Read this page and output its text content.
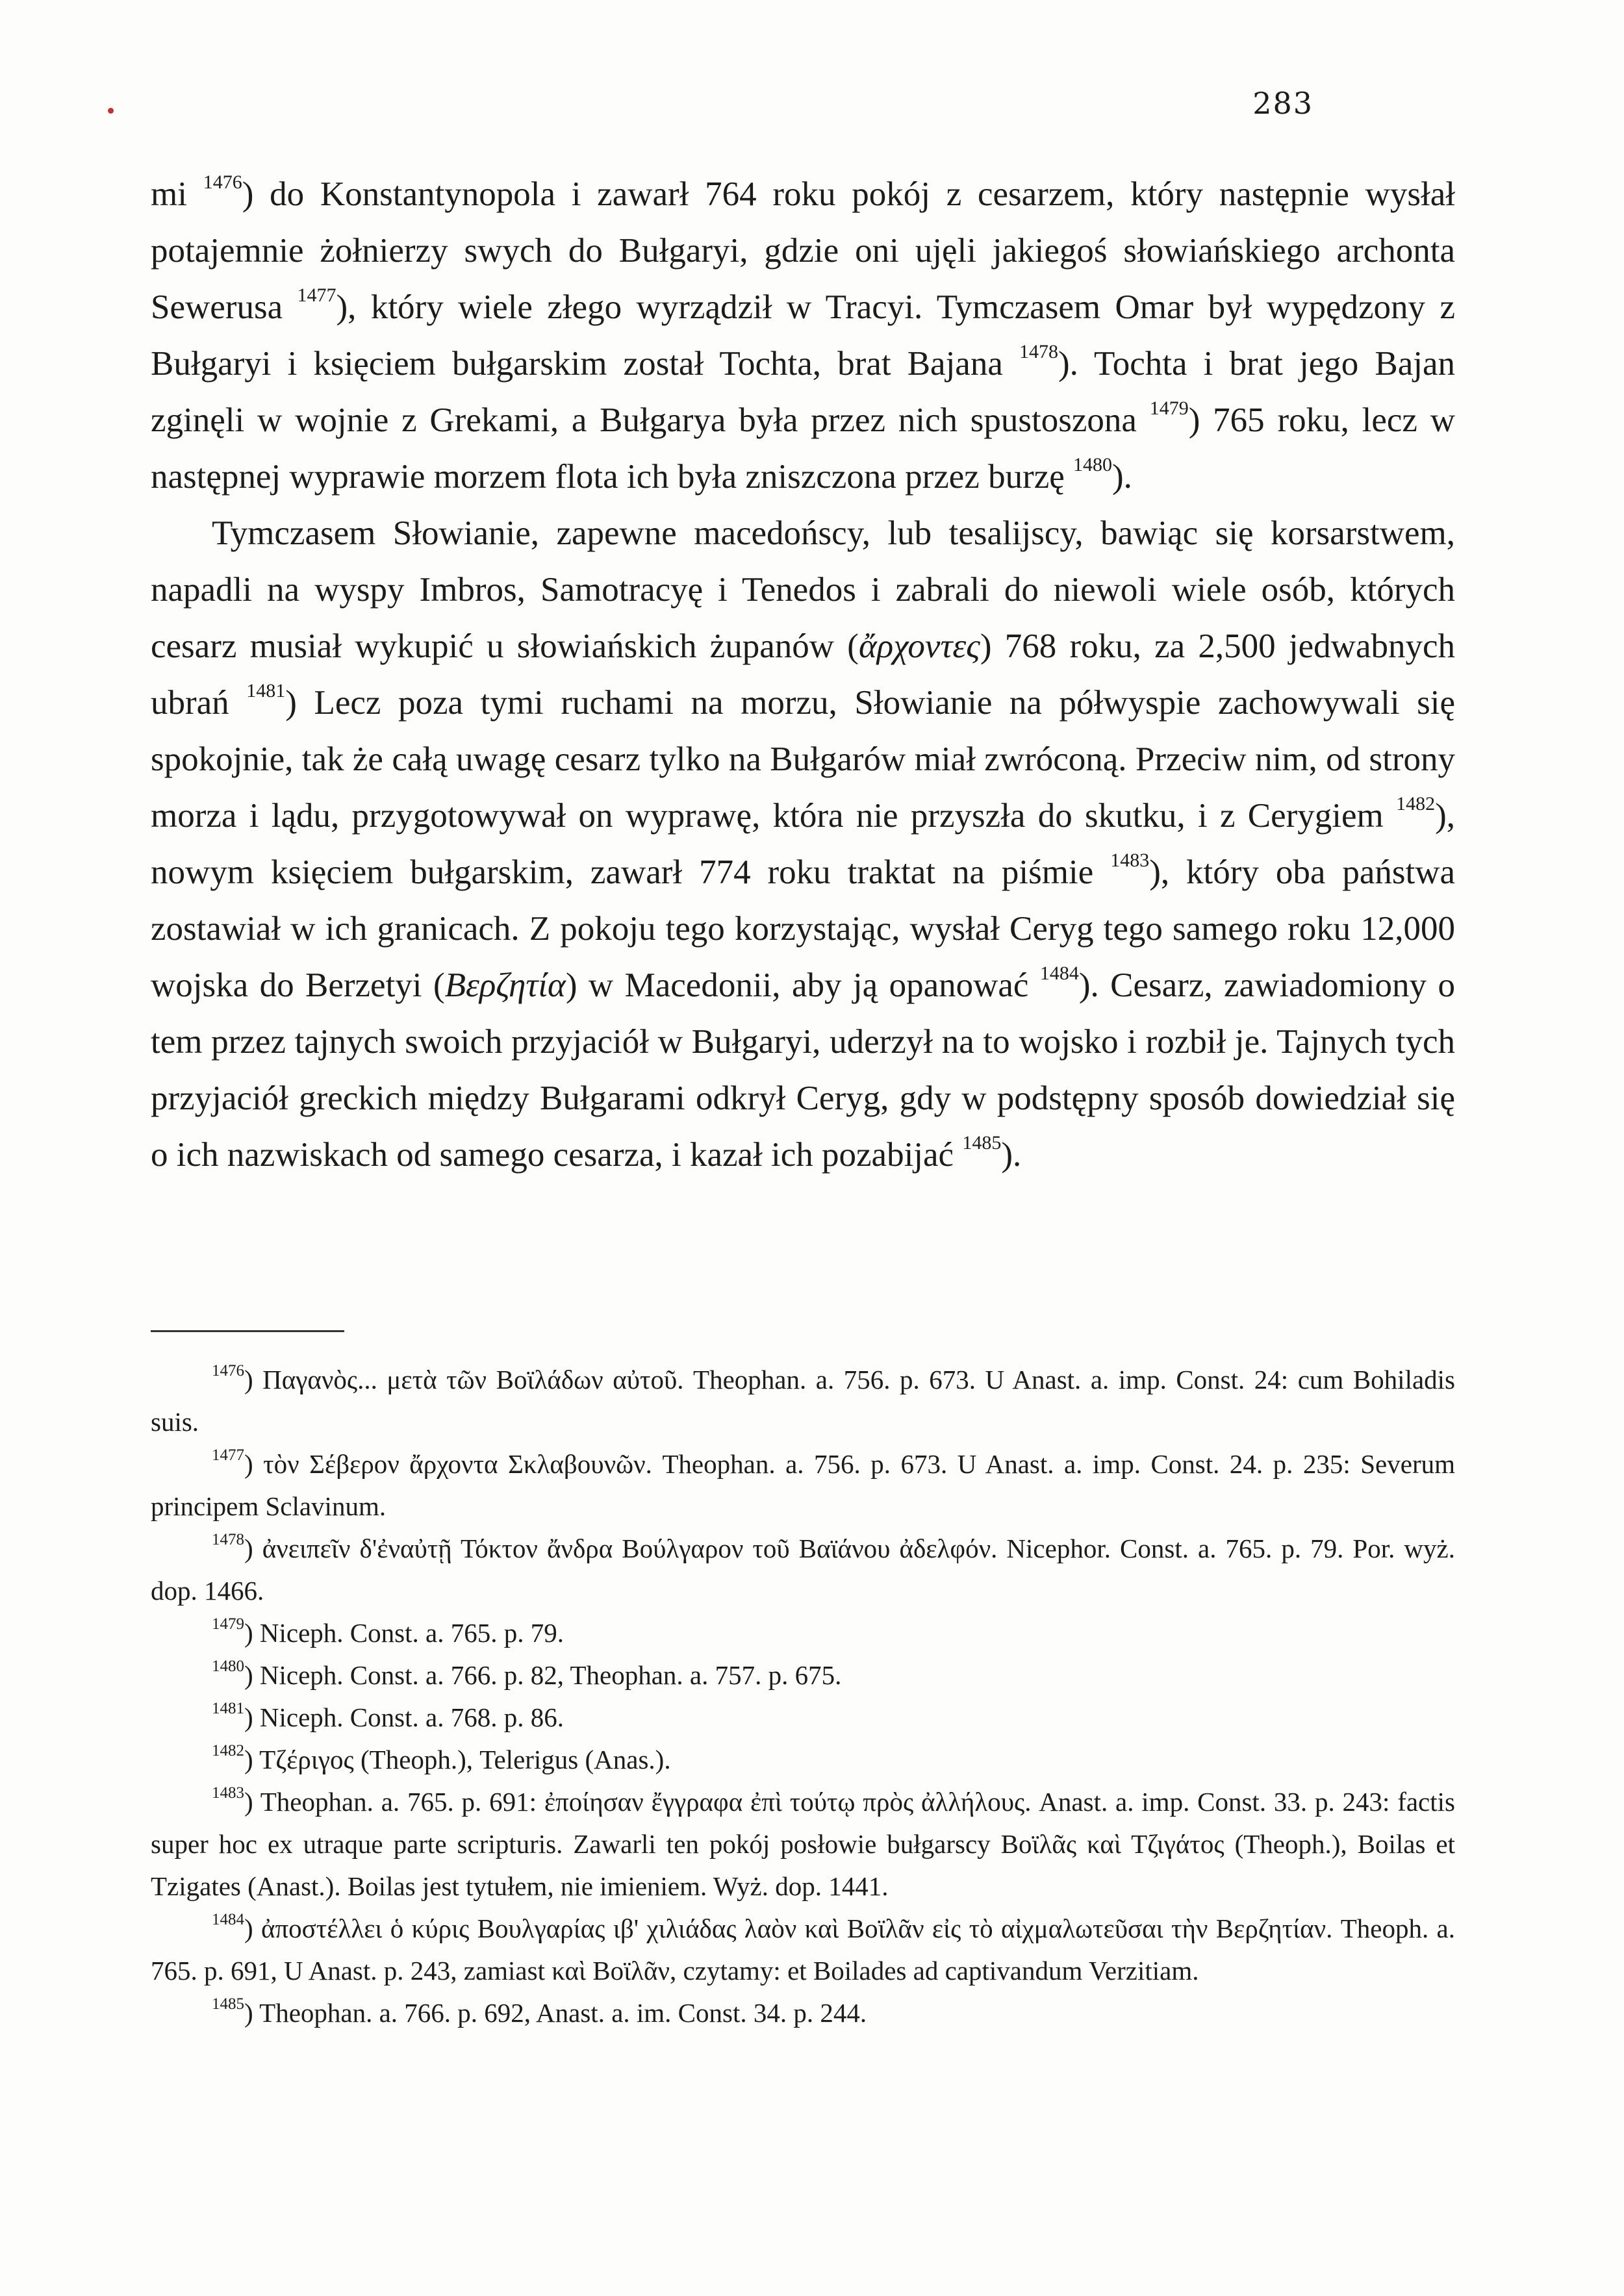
283

mi $^{1476}$) do Konstantynopola i zawarł 764 roku pokój z cesarzem, który następnie wysłał potajemnie żołnierzy swych do Bułgaryi, gdzie oni ujęli jakiegoś słowiańskiego archonta Sewerusa $^{1477}$), który wiele złego wyrządził w Tracyi. Tymczasem Omar był wypędzony z Bułgaryi i księciem bułgarskim został Tochta, brat Bajana $^{1478}$). Tochta i brat jego Bajan zginęli w wojnie z Grekami, a Bułgarya była przez nich spustoszona $^{1479}$) 765 roku, lecz w następnej wyprawie morzem flota ich była zniszczona przez burzę $^{1480}$).

Tymczasem Słowianie, zapewne macedońscy, lub tesalijscy, bawiąc się korsarstwem, napadli na wyspy Imbros, Samotracyę i Tenedos i zabrali do niewoli wiele osób, których cesarz musiał wykupić u słowiańskich żupanów (ἄρχοντες) 768 roku, za 2,500 jedwabnych ubrań $^{1481}$) Lecz poza tymi ruchami na morzu, Słowianie na półwyspie zachowywali się spokojnie, tak że całą uwagę cesarz tylko na Bułgarów miał zwróconą. Przeciw nim, od strony morza i lądu, przygotowywał on wyprawę, która nie przyszła do skutku, i z Cerygiem $^{1482}$), nowym księciem bułgarskim, zawarł 774 roku traktat na piśmie $^{1483}$), który oba państwa zostawiał w ich granicach. Z pokoju tego korzystając, wysłał Ceryg tego samego roku 12,000 wojska do Berzetyi (Βερζητία) w Macedonii, aby ją opanować $^{1484}$). Cesarz, zawiadomiony o tem przez tajnych swoich przyjaciół w Bułgaryi, uderzył na to wojsko i rozbił je. Tajnych tych przyjaciół greckich między Bułgarami odkrył Ceryg, gdy w podstępny sposób dowiedział się o ich nazwiskach od samego cesarza, i kazał ich pozabijać $^{1485}$).

$^{1476}$) Παγανὸς... μετὰ τῶν Βοϊλάδων αὐτοῦ. Theophan. a. 756. p. 673. U Anast. a. imp. Const. 24: cum Bohiladis suis.

$^{1477}$) τὸν Σέβερον ἄρχοντα Σκλαβουνῶν. Theophan. a. 756. p. 673. U Anast. a. imp. Const. 24. p. 235: Severum principem Sclavinum.

$^{1478}$) ἀνειπεῖν δ'ἐναὐτῇ Τόκτον ἄνδρα Βούλγαρον τοῦ Βαϊάνου ἀδελφόν. Nicephor. Const. a. 765. p. 79. Por. wyż. dop. 1466.

$^{1479}$) Niceph. Const. a. 765. p. 79.

$^{1480}$) Niceph. Const. a. 766. p. 82, Theophan. a. 757. p. 675.

$^{1481}$) Niceph. Const. a. 768. p. 86.

$^{1482}$) Τζέριγος (Theoph.), Telerigus (Anas.).

$^{1483}$) Theophan. a. 765. p. 691: ἐποίησαν ἔγγραφα ἐπὶ τούτῳ πρὸς ἀλλήλους. Anast. a. imp. Const. 33. p. 243: factis super hoc ex utraque parte scripturis. Zawarli ten pokój posłowie bułgarscy Βοϊλᾶς καὶ Τζιγάτος (Theoph.), Boilas et Tzigates (Anast.). Boilas jest tytułem, nie imieniem. Wyż. dop. 1441.

$^{1484}$) ἀποστέλλει ὁ κύρις Βουλγαρίας ιβ' χιλιάδας λαὸν καὶ Βοϊλᾶν εἰς τὸ αἰχμαλωτεῦσαι τὴν Βερζητίαν. Theoph. a. 765. p. 691, U Anast. p. 243, zamiast καὶ Βοϊλᾶν, czytamy: et Boilades ad captivandum Verzitiam.

$^{1485}$) Theophan. a. 766. p. 692, Anast. a. im. Const. 34. p. 244.
